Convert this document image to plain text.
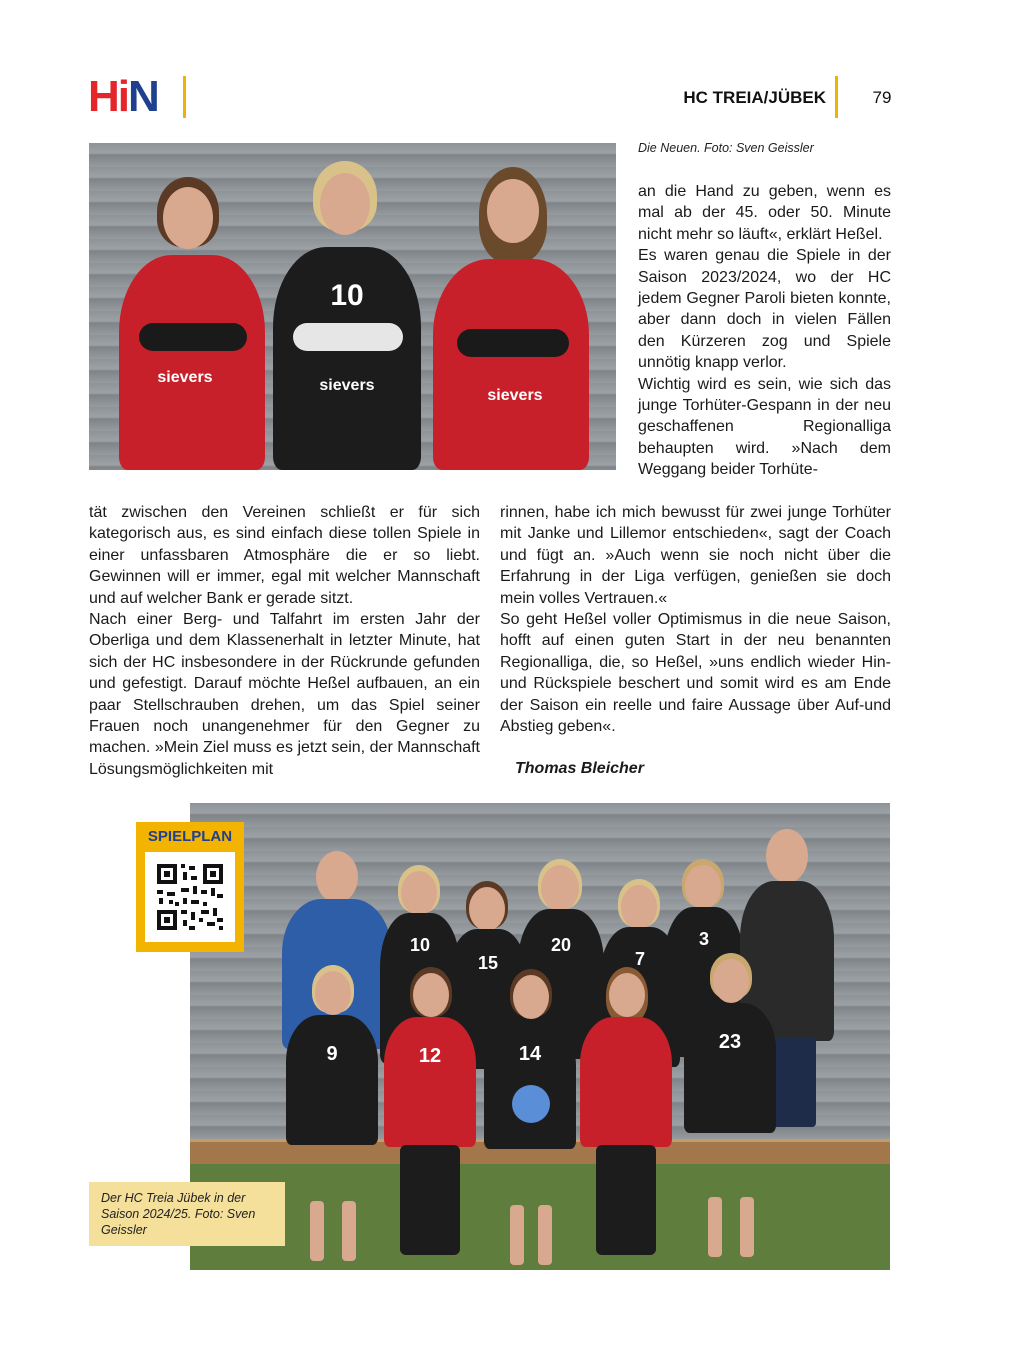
HiN	HC TREIA/JÜBEK	79
sievers
10
sievers
sievers
Die Neuen. Foto: Sven Geissler

an die Hand zu geben, wenn es mal ab der 45. oder 50. Minute nicht mehr so läuft«, erklärt Heßel.

Es waren genau die Spiele in der Saison 2023/2024, wo der HC jedem Gegner Paroli bieten konnte, aber dann doch in vielen Fällen den Kürzeren zog und Spiele unnötig knapp verlor.

Wichtig wird es sein, wie sich das junge Torhüter-Gespann in der neu geschaffenen Regionalliga behaupten wird. »Nach dem Weggang beider Torhüte-

tät zwischen den Vereinen schließt er für sich kategorisch aus, es sind einfach diese tollen Spiele in einer unfassbaren Atmosphäre die er so liebt. Gewinnen will er immer, egal mit welcher Mannschaft und auf welcher Bank er gerade sitzt.

Nach einer Berg- und Talfahrt im ersten Jahr der Oberliga und dem Klassenerhalt in letzter Minute, hat sich der HC insbesondere in der Rückrunde gefunden und gefestigt. Darauf möchte Heßel aufbauen, an ein paar Stellschrauben drehen, um das Spiel seiner Frauen noch unangenehmer für den Gegner zu machen. »Mein Ziel muss es jetzt sein, der Mannschaft Lösungsmöglichkeiten mit

rinnen, habe ich mich bewusst für zwei junge Torhüter mit Janke und Lillemor entschieden«, sagt der Coach und fügt an. »Auch wenn sie noch nicht über die Erfahrung in der Liga verfügen, genießen sie doch mein volles Vertrauen.«

So geht Heßel voller Optimismus in die neue Saison, hofft auf einen guten Start in der neu benannten Regionalliga, die, so Heßel, »uns endlich wieder Hin-und Rückspiele beschert und somit wird es am Ende der Saison ein reelle und faire Aussage über Auf-und Abstieg geben«.

Thomas Bleicher
10
15
20
7
3
9	12	14
23
SPIELPLAN
Der HC Treia Jübek in der Saison 2024/25. Foto: Sven Geissler
